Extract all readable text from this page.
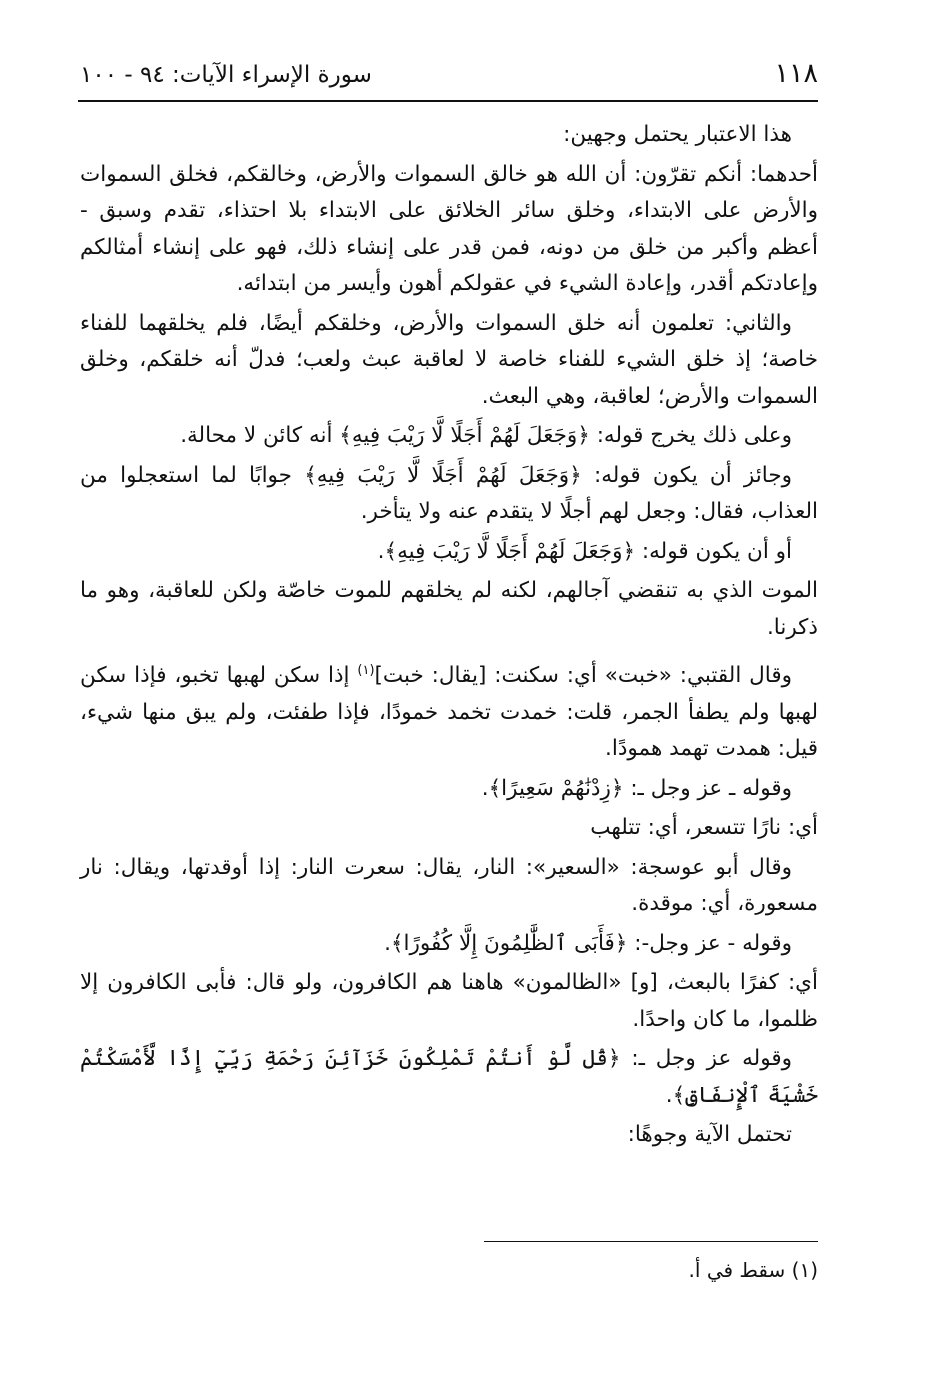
١١٨
سورة الإسراء الآيات: ٩٤ - ١٠٠

هذا الاعتبار يحتمل وجهين:

أحدهما: أنكم تقرّون: أن الله هو خالق السموات والأرض، وخالقكم، فخلق السموات والأرض على الابتداء، وخلق سائر الخلائق على الابتداء بلا احتذاء، تقدم وسبق - أعظم وأكبر من خلق من دونه، فمن قدر على إنشاء ذلك، فهو على إنشاء أمثالكم وإعادتكم أقدر، وإعادة الشيء في عقولكم أهون وأيسر من ابتدائه.

والثاني: تعلمون أنه خلق السموات والأرض، وخلقكم أيضًا، فلم يخلقهما للفناء خاصة؛ إذ خلق الشيء للفناء خاصة لا لعاقبة عبث ولعب؛ فدلّ أنه خلقكم، وخلق السموات والأرض؛ لعاقبة، وهي البعث.

وعلى ذلك يخرج قوله: ﴿وَجَعَلَ لَهُمْ أَجَلًا لَّا رَيْبَ فِيهِ﴾ أنه كائن لا محالة.

وجائز أن يكون قوله: ﴿وَجَعَلَ لَهُمْ أَجَلًا لَّا رَيْبَ فِيهِ﴾ جوابًا لما استعجلوا من العذاب، فقال: وجعل لهم أجلًا لا يتقدم عنه ولا يتأخر.

أو أن يكون قوله: ﴿وَجَعَلَ لَهُمْ أَجَلًا لَّا رَيْبَ فِيهِ﴾.

الموت الذي به تنقضي آجالهم، لكنه لم يخلقهم للموت خاصّة ولكن للعاقبة، وهو ما ذكرنا.

وقال القتبي: «خبت» أي: سكنت: [يقال: خبت]$^{(١)}$ إذا سكن لهبها تخبو، فإذا سكن لهبها ولم يطفأ الجمر، قلت: خمدت تخمد خمودًا، فإذا طفئت، ولم يبق منها شيء، قيل: همدت تهمد همودًا.

وقوله ـ عز وجل ـ: ﴿زِدْنَٰهُمْ سَعِيرًا﴾.

أي: نارًا تتسعر، أي: تتلهب

وقال أبو عوسجة: «السعير»: النار، يقال: سعرت النار: إذا أوقدتها، ويقال: نار مسعورة، أي: موقدة.

وقوله - عز وجل-: ﴿فَأَبَى ٱلظَّٰلِمُونَ إِلَّا كُفُورًا﴾.

أي: كفرًا بالبعث، [و] «الظالمون» هاهنا هم الكافرون، ولو قال: فأبى الكافرون إلا ظلموا، ما كان واحدًا.

وقوله عز وجل ـ: ﴿قُل لَّوْ أَنتُمْ تَمْلِكُونَ خَزَآئِنَ رَحْمَةِ رَبِّيٓ إِذًا لَّأَمْسَكْتُمْ خَشْيَةَ ٱلْإِنفَاقِ﴾.

تحتمل الآية وجوهًا:

(١) سقط في أ.
